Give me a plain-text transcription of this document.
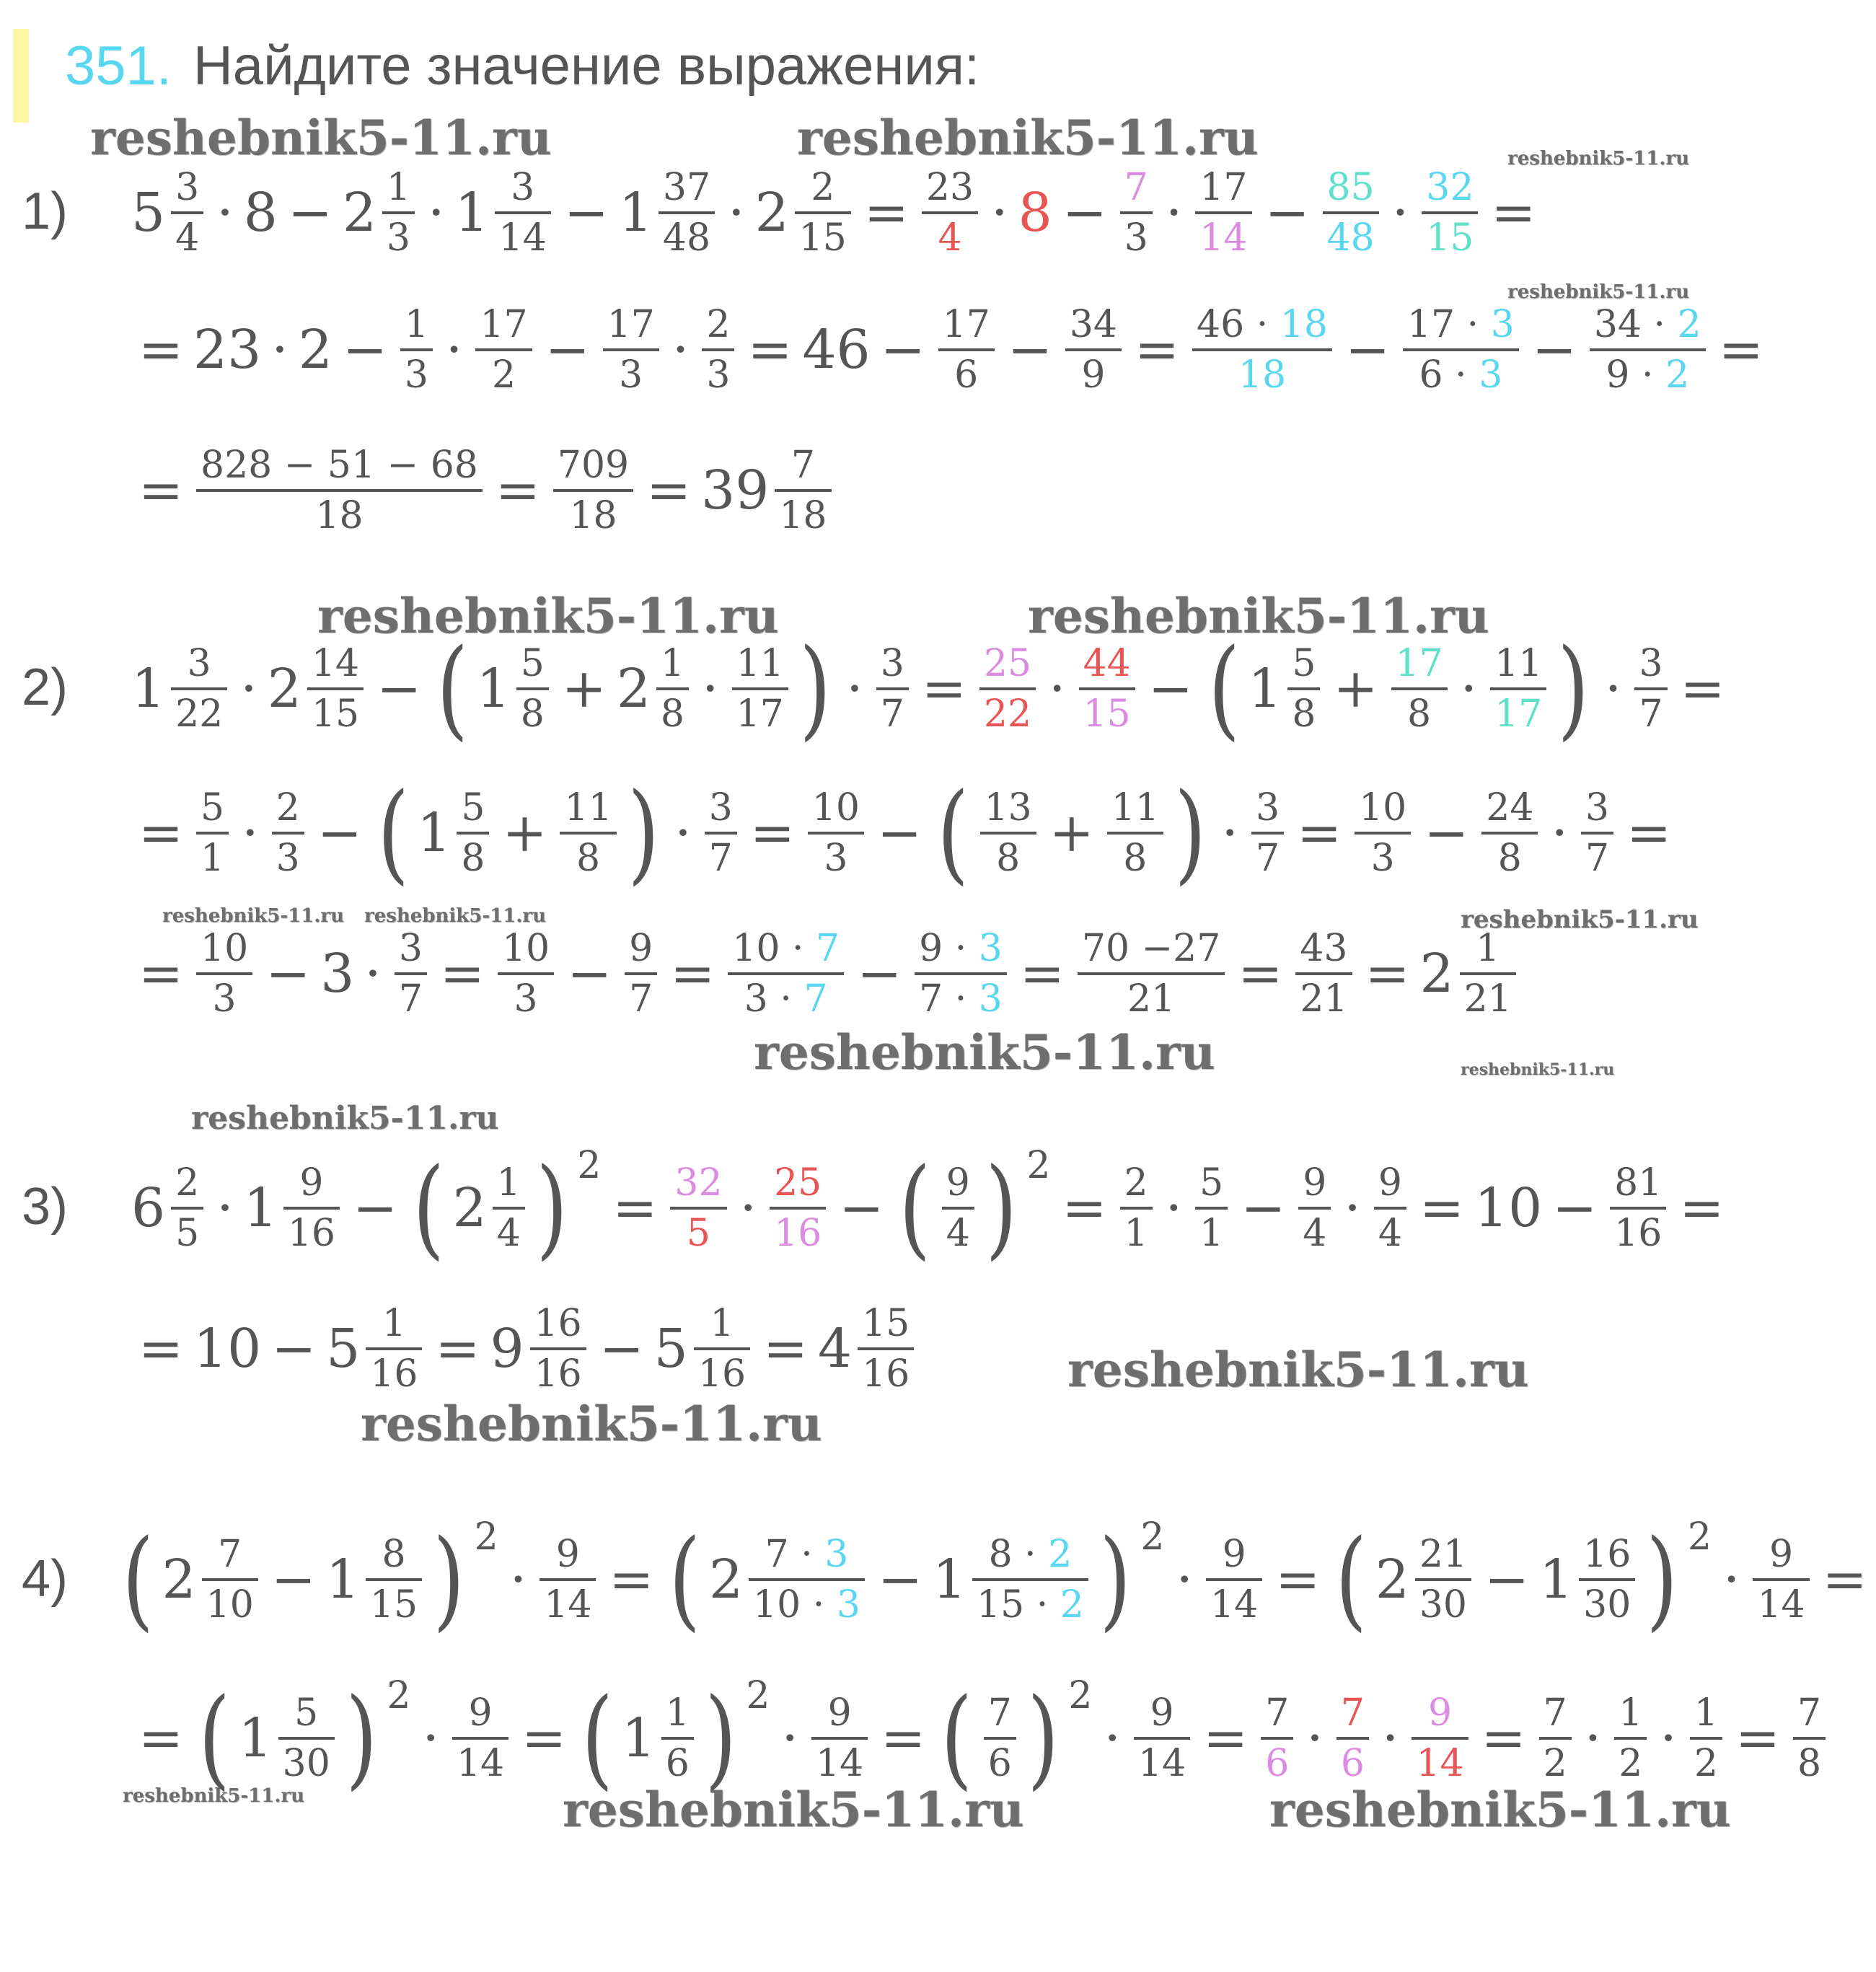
351. Найдите значение выражения:
reshebnik5-11.ru	reshebnik5-11.ru	reshebnik5-11.ru
reshebnik5-11.ru
reshebnik5-11.ru	reshebnik5-11.ru
reshebnik5-11.ru reshebnik5-11.ru	reshebnik5-11.ru
reshebnik5-11.ru	reshebnik5-11.ru
reshebnik5-11.ru
reshebnik5-11.ru
reshebnik5-11.ru
reshebnik5-11.ru	reshebnik5-11.ru	reshebnik5-11.ru
1) $5 \frac{3}{4} \cdot 8 - 2 \frac{1}{3} \cdot 1 \frac{3}{14} - 1 \frac{37}{48} \cdot 2 \frac{2}{15} = \frac{23}{4} \cdot 8 - \frac{7}{3} \cdot \frac{17}{14} - \frac{85}{48} \cdot \frac{32}{15}$ =
= $23 \cdot 2 - \frac{1}{3} \cdot \frac{17}{2} - \frac{17}{3} \cdot \frac{2}{3} = 46 - \frac{17}{6} - \frac{34}{9} = \frac{46 \cdot 18}{18} - \frac{17 \cdot 3}{6 \cdot 3} - \frac{34 \cdot 2}{9 \cdot 2}$ =
= $\frac{828 - 51 - 68}{18} = \frac{709}{18} = 39 \frac{7}{18}$
2) $1 \frac{3}{22} \cdot 2 \frac{14}{15}$ − ( $1 \frac{5}{8} + 2 \frac{1}{8} \cdot \frac{11}{17}$ ) · $\frac{3}{7} = \frac{25}{22} \cdot \frac{44}{15}$ − ( $1 \frac{5}{8} + \frac{17}{8} \cdot \frac{11}{17}$ ) · $\frac{3}{7}$ =
= $\frac{5}{1} \cdot \frac{2}{3}$ − ( $1 \frac{5}{8} + \frac{11}{8}$ ) · $\frac{3}{7} = \frac{10}{3}$ − ( $\frac{13}{8} + \frac{11}{8}$ ) · $\frac{3}{7} = \frac{10}{3} - \frac{24}{8} \cdot \frac{3}{7}$ =
= $\frac{10}{3} - 3 \cdot \frac{3}{7} = \frac{10}{3} - \frac{9}{7} = \frac{10 \cdot 7}{3 \cdot 7} - \frac{9 \cdot 3}{7 \cdot 3} = \frac{70 -27}{21} = \frac{43}{21} = 2 \frac{1}{21}$
3) $6 \frac{2}{5} \cdot 1 \frac{9}{16}$ − ( $2 \frac{1}{4}$ ) 2
= $\frac{32}{5} \cdot \frac{25}{16}$ − ( $\frac{9}{4}$ ) 2
= $\frac{2}{1} \cdot \frac{5}{1} - \frac{9}{4} \cdot \frac{9}{4} = 10 - \frac{81}{16}$ =
= $10 - 5 \frac{1}{16} = 9 \frac{16}{16} - 5 \frac{1}{16} = 4 \frac{15}{16}$
4) ( $2 \frac{7}{10} - 1 \frac{8}{15}$ ) 2
· $\frac{9}{14}$ = ( $2 \frac{7 \cdot 3}{10 \cdot 3} - 1 \frac{8 \cdot 2}{15 \cdot 2}$ ) 2
· $\frac{9}{14}$ = ( $2 \frac{21}{30} - 1 \frac{16}{30}$ ) 2
· $\frac{9}{14}$ =
= ( $1 \frac{5}{30}$ ) 2
· $\frac{9}{14}$ = ( $1 \frac{1}{6}$ ) 2
· $\frac{9}{14}$ = ( $\frac{7}{6}$ ) 2
· $\frac{9}{14} = \frac{7}{6} \cdot \frac{7}{6} \cdot \frac{9}{14} = \frac{7}{2} \cdot \frac{1}{2} \cdot \frac{1}{2} = \frac{7}{8}$
